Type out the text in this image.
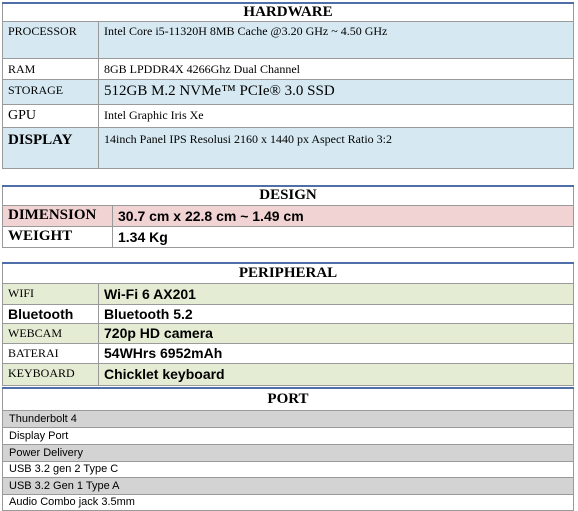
HARDWARE	
PROCESSOR	Intel Core i5-11320H 8MB Cache @3.20 GHz ~ 4.50 GHz
RAM	8GB LPDDR4X 4266Ghz Dual Channel
STORAGE	512GB M.2 NVMe™ PCIe® 3.0 SSD
GPU	Intel Graphic Iris Xe
DISPLAY	14inch Panel IPS Resolusi 2160 x 1440 px Aspect Ratio 3:2
DESIGN	
DIMENSION	30.7 cm x 22.8 cm ~ 1.49 cm
WEIGHT	1.34 Kg
PERIPHERAL	
WIFI	Wi-Fi 6 AX201
Bluetooth	Bluetooth 5.2
WEBCAM	720p HD camera
BATERAI	54WHrs 6952mAh
KEYBOARD	Chicklet keyboard
PORT
Thunderbolt 4
Display Port
Power Delivery
USB 3.2 gen 2 Type C
USB 3.2 Gen 1 Type A
Audio Combo jack 3.5mm
